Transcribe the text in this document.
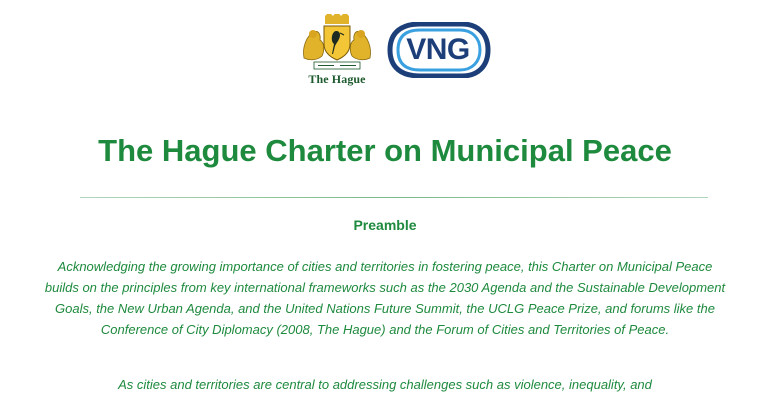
The Hague
VNG
The Hague Charter on Municipal Peace
Preamble

Acknowledging the growing importance of cities and territories in fostering peace, this Charter on Municipal Peace builds on the principles from key international frameworks such as the 2030 Agenda and the Sustainable Development Goals, the New Urban Agenda, and the United Nations Future Summit, the UCLG Peace Prize, and forums like the Conference of City Diplomacy (2008, The Hague) and the Forum of Cities and Territories of Peace.

As cities and territories are central to addressing challenges such as violence, inequality, and
